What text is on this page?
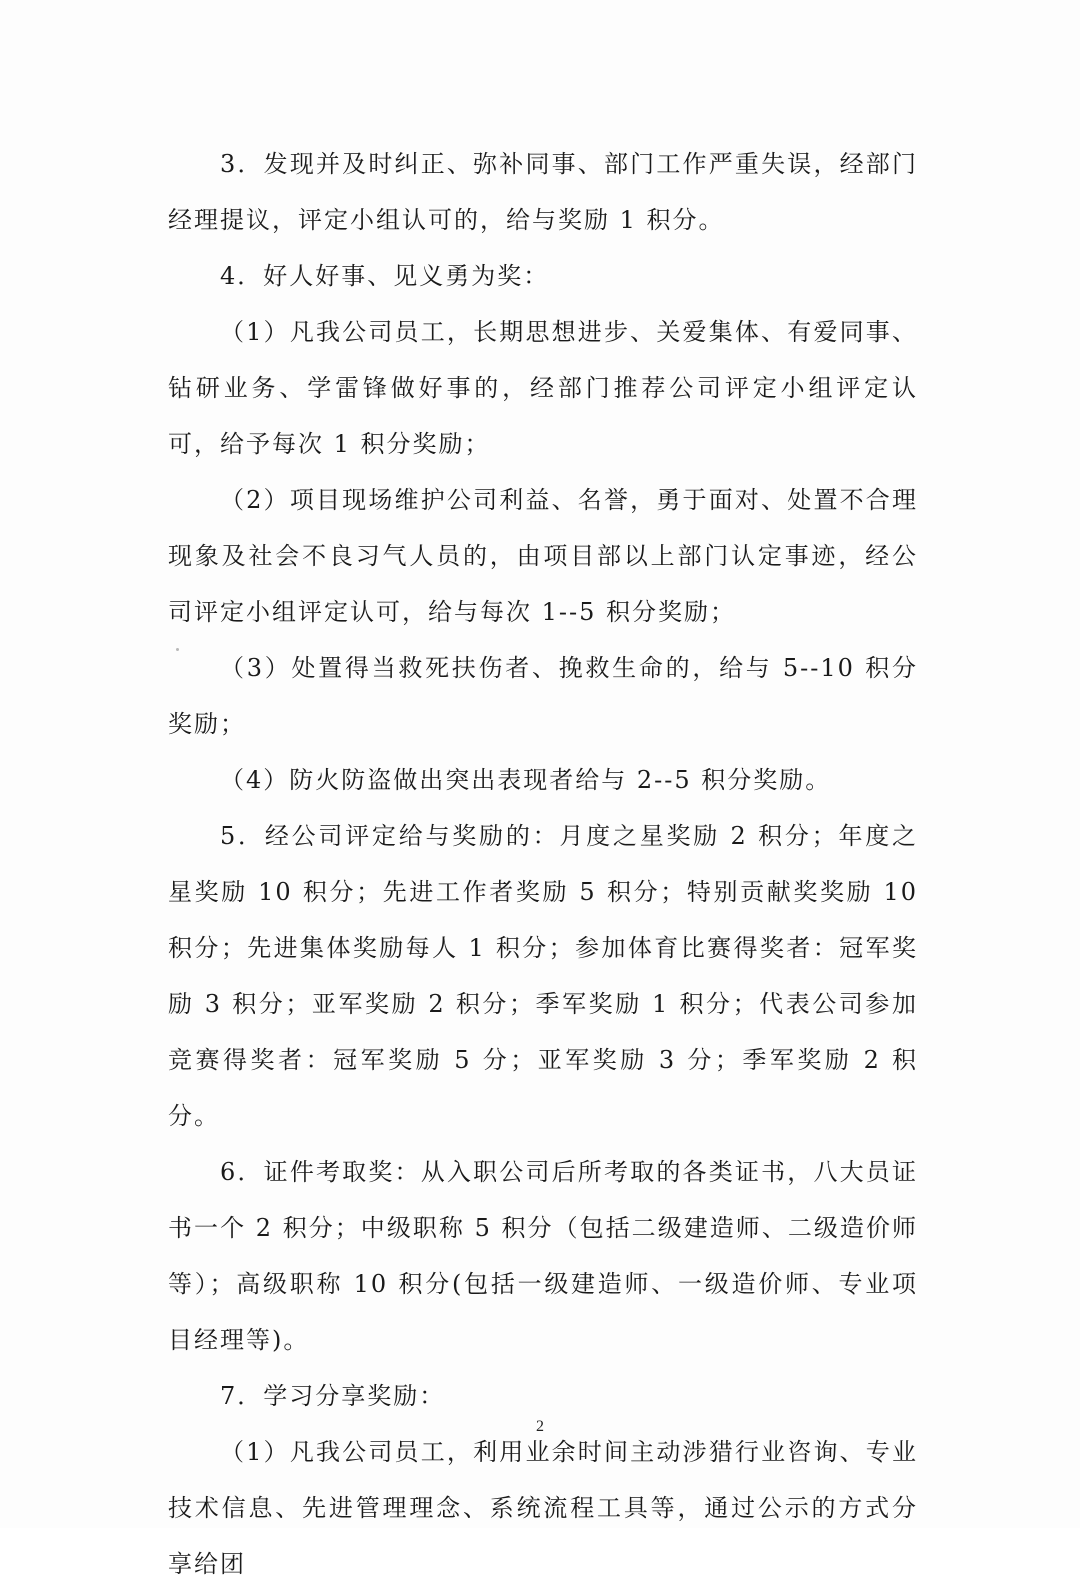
3．发现并及时纠正、弥补同事、部门工作严重失误，经部门经理提议，评定小组认可的，给与奖励 1 积分。

4．好人好事、见义勇为奖：

（1）凡我公司员工，长期思想进步、关爱集体、有爱同事、钻研业务、学雷锋做好事的，经部门推荐公司评定小组评定认可，给予每次 1 积分奖励；

（2）项目现场维护公司利益、名誉，勇于面对、处置不合理现象及社会不良习气人员的，由项目部以上部门认定事迹，经公司评定小组评定认可，给与每次 1--5 积分奖励；

（3）处置得当救死扶伤者、挽救生命的，给与 5--10 积分奖励；

（4）防火防盗做出突出表现者给与 2--5 积分奖励。

5．经公司评定给与奖励的：月度之星奖励 2 积分；年度之星奖励 10 积分；先进工作者奖励 5 积分；特别贡献奖奖励 10 积分；先进集体奖励每人 1 积分；参加体育比赛得奖者：冠军奖励 3 积分；亚军奖励 2 积分；季军奖励 1 积分；代表公司参加竞赛得奖者：冠军奖励 5 分；亚军奖励 3 分；季军奖励 2 积分。

6．证件考取奖：从入职公司后所考取的各类证书，八大员证书一个 2 积分；中级职称 5 积分（包括二级建造师、二级造价师等）；高级职称 10 积分(包括一级建造师、一级造价师、专业项目经理等)。

7．学习分享奖励：

（1）凡我公司员工，利用业余时间主动涉猎行业咨询、专业技术信息、先进管理理念、系统流程工具等，通过公示的方式分享给团

2
